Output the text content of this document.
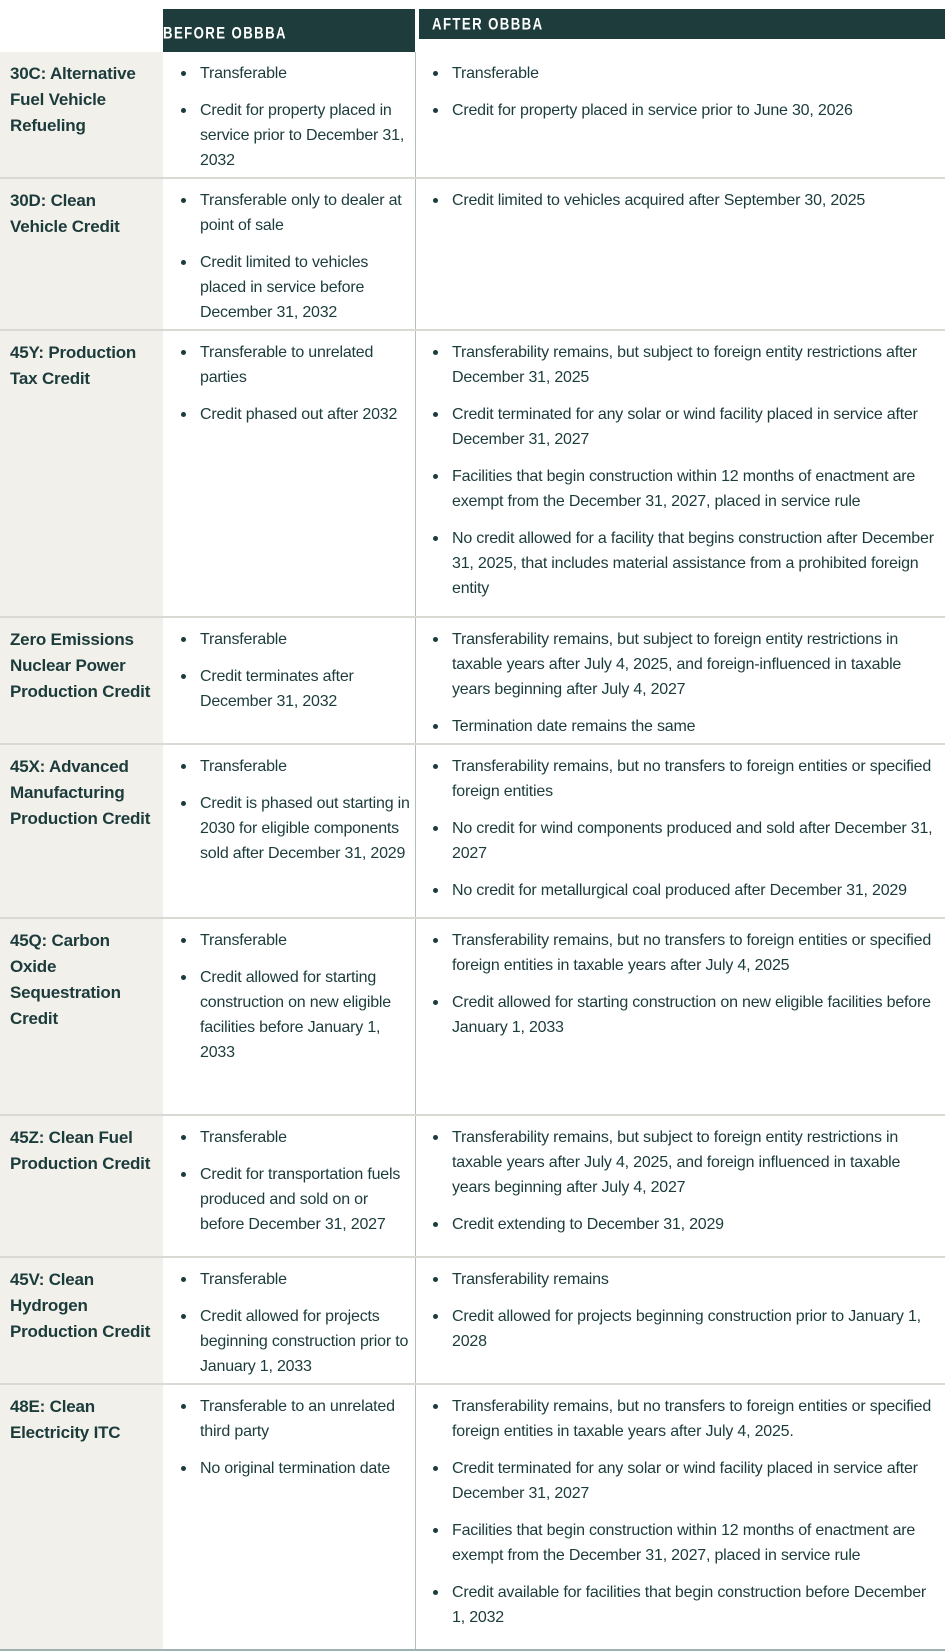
BEFORE OBBBA	AFTER OBBBA
30C: Alternative Fuel Vehicle Refueling
Transferable
Credit for property placed in service prior to December 31, 2032
Transferable
Credit for property placed in service prior to June 30, 2026
30D: Clean Vehicle Credit
Transferable only to dealer at point of sale
Credit limited to vehicles placed in service before December 31, 2032
Credit limited to vehicles acquired after September 30, 2025
45Y: Production Tax Credit
Transferable to unrelated parties
Credit phased out after 2032
Transferability remains, but subject to foreign entity restrictions after December 31, 2025
Credit terminated for any solar or wind facility placed in service after December 31, 2027
Facilities that begin construction within 12 months of enactment are exempt from the December 31, 2027, placed in service rule
No credit allowed for a facility that begins construction after December 31, 2025, that includes material assistance from a prohibited foreign entity
Zero Emissions Nuclear Power Production Credit
Transferable
Credit terminates after December 31, 2032
Transferability remains, but subject to foreign entity restrictions in taxable years after July 4, 2025, and foreign-influenced in taxable years beginning after July 4, 2027
Termination date remains the same
45X: Advanced Manufacturing Production Credit
Transferable
Credit is phased out starting in 2030 for eligible components sold after December 31, 2029
Transferability remains, but no transfers to foreign entities or specified foreign entities
No credit for wind components produced and sold after December 31, 2027
No credit for metallurgical coal produced after December 31, 2029
45Q: Carbon Oxide Sequestration Credit
Transferable
Credit allowed for starting construction on new eligible facilities before January 1, 2033
Transferability remains, but no transfers to foreign entities or specified foreign entities in taxable years after July 4, 2025
Credit allowed for starting construction on new eligible facilities before January 1, 2033
45Z: Clean Fuel Production Credit
Transferable
Credit for transportation fuels produced and sold on or before December 31, 2027
Transferability remains, but subject to foreign entity restrictions in taxable years after July 4, 2025, and foreign influenced in taxable years beginning after July 4, 2027
Credit extending to December 31, 2029
45V: Clean Hydrogen Production Credit
Transferable
Credit allowed for projects beginning construction prior to January 1, 2033
Transferability remains
Credit allowed for projects beginning construction prior to January 1, 2028
48E: Clean Electricity ITC
Transferable to an unrelated third party
No original termination date
Transferability remains, but no transfers to foreign entities or specified foreign entities in taxable years after July 4, 2025.
Credit terminated for any solar or wind facility placed in service after December 31, 2027
Facilities that begin construction within 12 months of enactment are exempt from the December 31, 2027, placed in service rule
Credit available for facilities that begin construction before December 1, 2032
